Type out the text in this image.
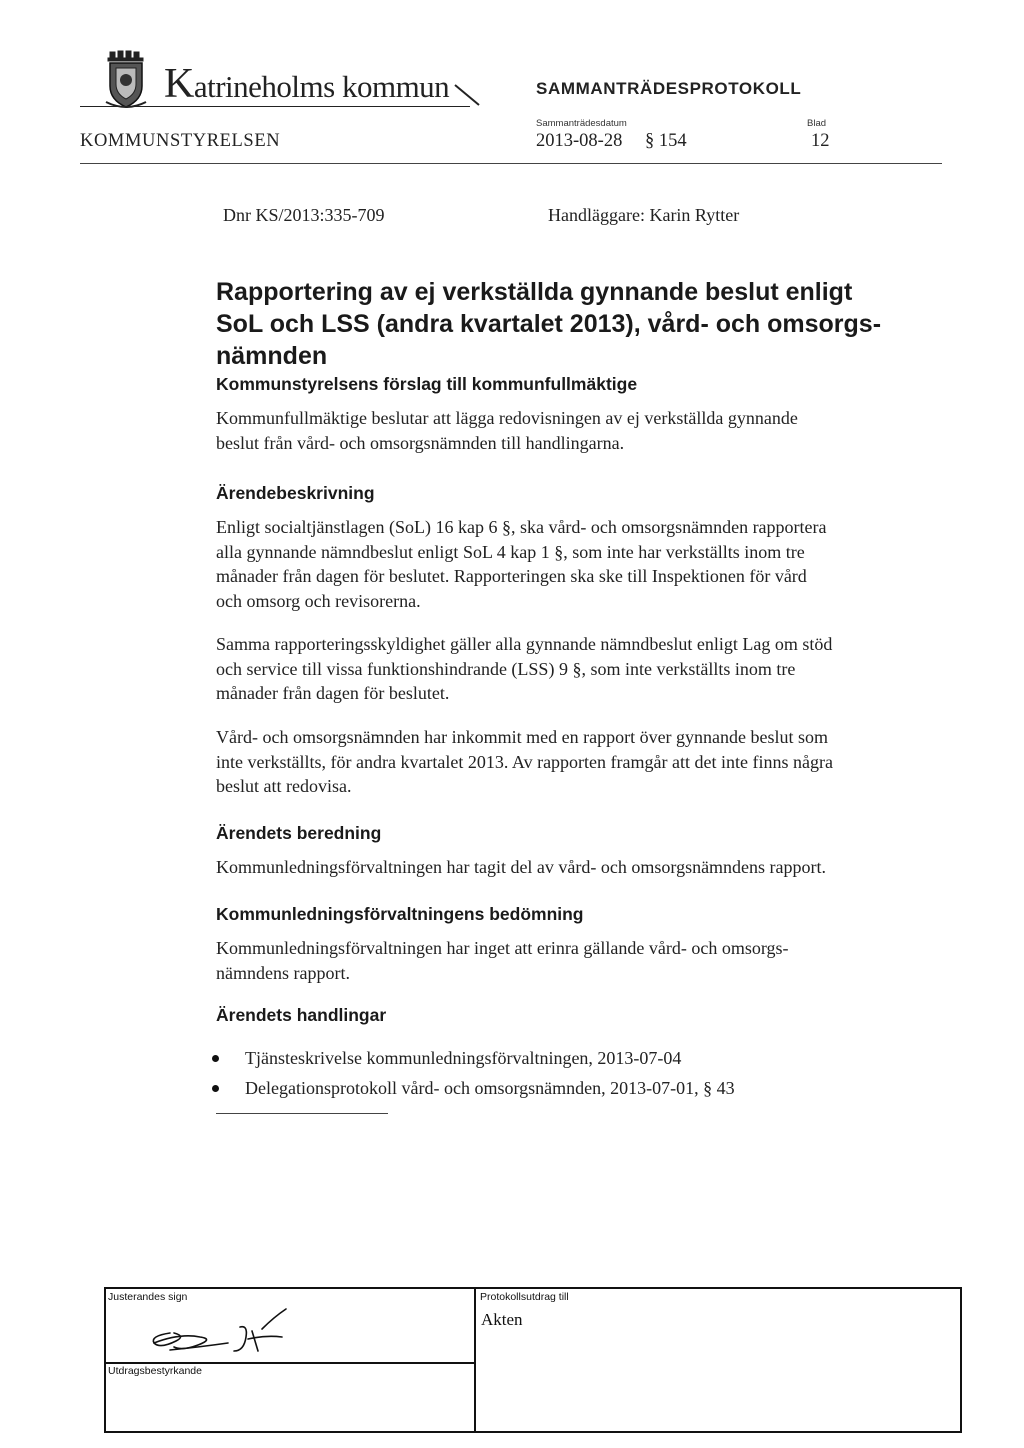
Katrineholms kommun	SAMMANTRÄDESPROTOKOLL
Sammanträdesdatum	Blad
KOMMUNSTYRELSEN	2013-08-28 § 154	12
Dnr KS/2013:335-709	Handläggare: Karin Rytter
Rapportering av ej verkställda gynnande beslut enligt
SoL och LSS (andra kvartalet 2013), vård- och omsorgs-
nämnden
Kommunstyrelsens förslag till kommunfullmäktige
Kommunfullmäktige beslutar att lägga redovisningen av ej verkställda gynnande
beslut från vård- och omsorgsnämnden till handlingarna.
Ärendebeskrivning
Enligt socialtjänstlagen (SoL) 16 kap 6 §, ska vård- och omsorgsnämnden rapportera
alla gynnande nämndbeslut enligt SoL 4 kap 1 §, som inte har verkställts inom tre
månader från dagen för beslutet. Rapporteringen ska ske till Inspektionen för vård
och omsorg och revisorerna.
Samma rapporteringsskyldighet gäller alla gynnande nämndbeslut enligt Lag om stöd
och service till vissa funktionshindrande (LSS) 9 §, som inte verkställts inom tre
månader från dagen för beslutet.
Vård- och omsorgsnämnden har inkommit med en rapport över gynnande beslut som
inte verkställts, för andra kvartalet 2013. Av rapporten framgår att det inte finns några
beslut att redovisa.
Ärendets beredning
Kommunledningsförvaltningen har tagit del av vård- och omsorgsnämndens rapport.
Kommunledningsförvaltningens bedömning
Kommunledningsförvaltningen har inget att erinra gällande vård- och omsorgs-
nämndens rapport.
Ärendets handlingar
Tjänsteskrivelse kommunledningsförvaltningen, 2013-07-04
Delegationsprotokoll vård- och omsorgsnämnden, 2013-07-01, § 43
Justerandes sign
Utdragsbestyrkande
Protokollsutdrag till
Akten
